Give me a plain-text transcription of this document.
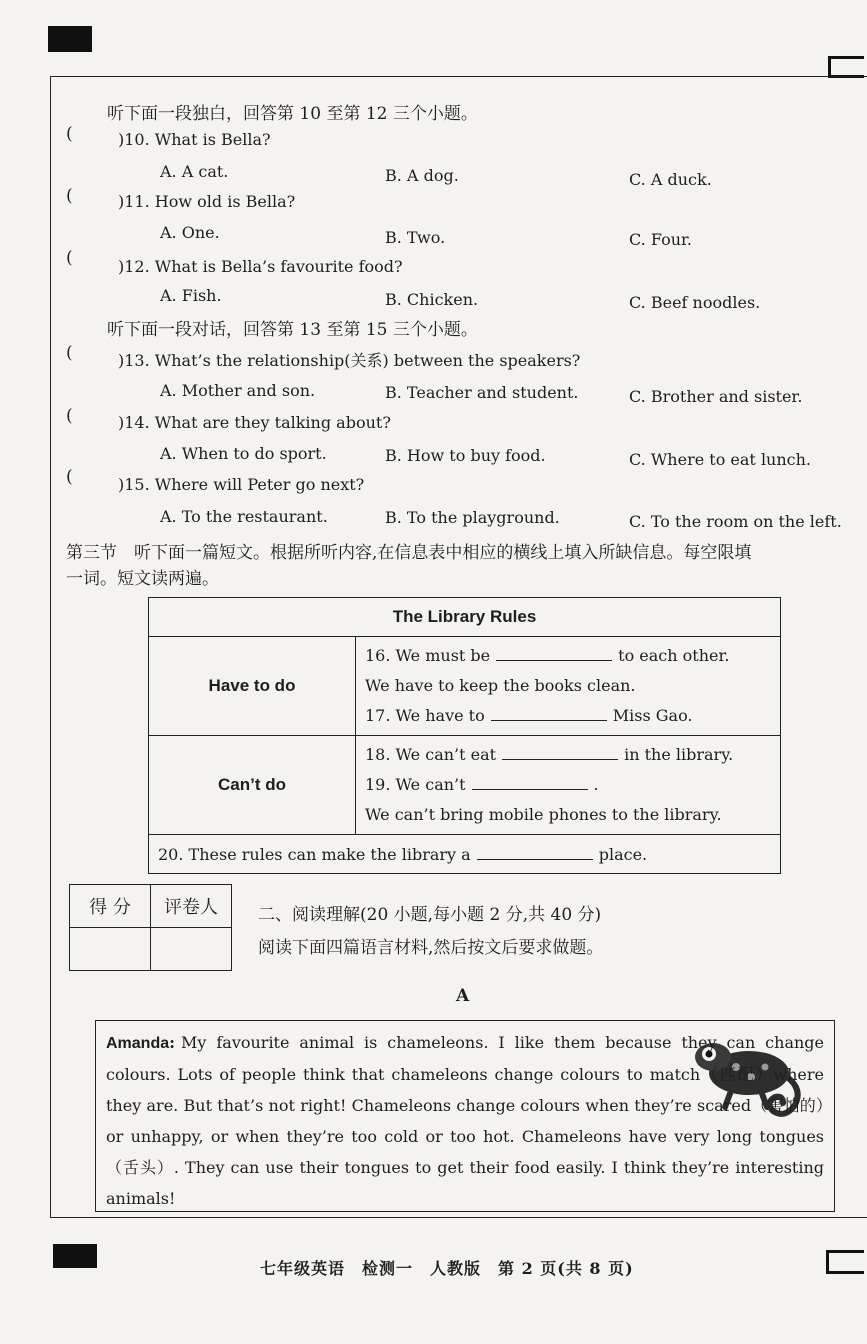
听下面一段独白，回答第 10 至第 12 三个小题。
(	)10. What is Bella?
A. A cat.	B. A dog.	C. A duck.
(	)11. How old is Bella?
A. One.	B. Two.	C. Four.
(	)12. What is Bella’s favourite food?
A. Fish.	B. Chicken.	C. Beef noodles.
听下面一段对话，回答第 13 至第 15 三个小题。
(	)13. What’s the relationship(关系) between the speakers?
A. Mother and son.	B. Teacher and student.	C. Brother and sister.
(	)14. What are they talking about?
A. When to do sport.	B. How to buy food.	C. Where to eat lunch.
(	)15. Where will Peter go next?
A. To the restaurant.	B. To the playground.	C. To the room on the left.
第三节　听下面一篇短文。根据所听内容,在信息表中相应的横线上填入所缺信息。每空限填
一词。短文读两遍。
The Library Rules	
Have to do	16. We must be to each other.
We have to keep the books clean.
17. We have to Miss Gao.

Can’t do	18. We can’t eat in the library.
19. We can’t .
We can’t bring mobile phones to the library.

20. These rules can make the library a place.	
得 分	评卷人
	二、阅读理解(20 小题,每小题 2 分,共 40 分)
阅读下面四篇语言材料,然后按文后要求做题。
A
Amanda: My favourite animal is chameleons. I like them because they can change colours. Lots of people think that chameleons change colours to match（匹配）where they are. But that’s not right! Chameleons change colours when they’re scared（害怕的）or unhappy, or when they’re too cold or too hot. Chameleons have very long tongues（舌头）. They can use their tongues to get their food easily. I think they’re interesting animals!
七年级英语　检测一　人教版　第 2 页(共 8 页)
